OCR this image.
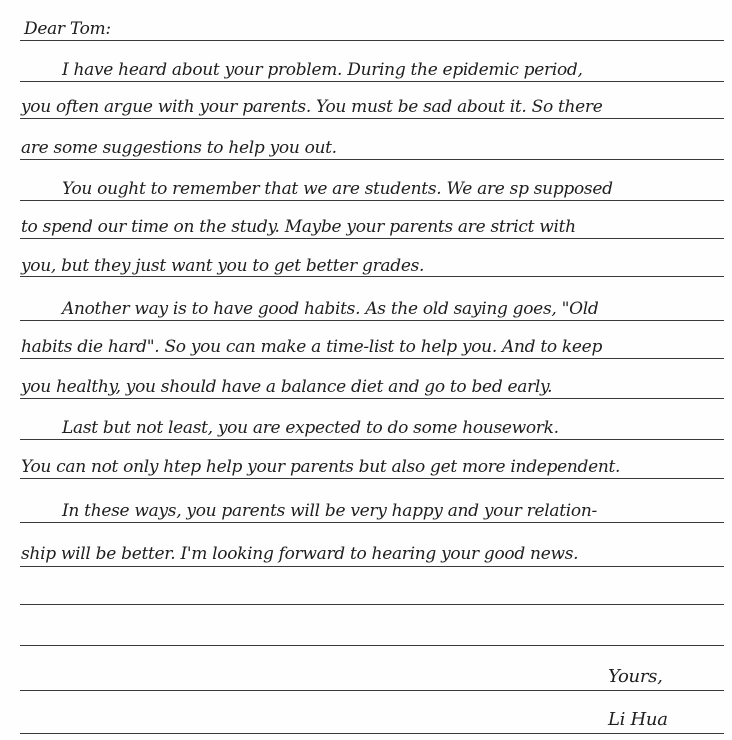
Dear Tom:
I have heard about your problem. During the epidemic period,
you often argue with your parents. You must be sad about it. So there
are some suggestions to help you out.
You ought to remember that we are students. We are sp supposed
to spend our time on the study. Maybe your parents are strict with
you, but they just want you to get better grades.
Another way is to have good habits. As the old saying goes, "Old
habits die hard". So you can make a time-list to help you. And to keep
you healthy, you should have a balance diet and go to bed early.
Last but not least, you are expected to do some housework.
You can not only htep help your parents but also get more independent.
In these ways, you parents will be very happy and your relation-
ship will be better. I'm looking forward to hearing your good news.
Yours,
Li Hua
